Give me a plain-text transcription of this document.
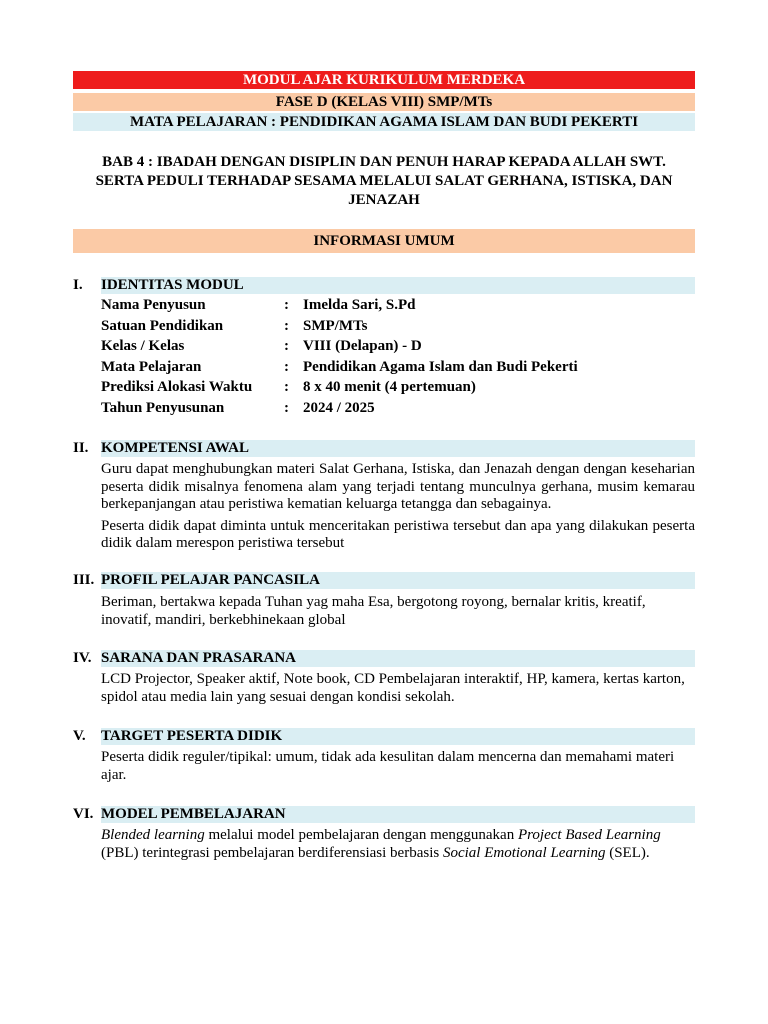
MODUL AJAR KURIKULUM MERDEKA
FASE D (KELAS VIII) SMP/MTs
MATA PELAJARAN : PENDIDIKAN AGAMA ISLAM DAN BUDI PEKERTI
BAB 4 : IBADAH DENGAN DISIPLIN DAN PENUH HARAP KEPADA ALLAH SWT.
SERTA PEDULI TERHADAP SESAMA MELALUI SALAT GERHANA, ISTISKA, DAN
JENAZAH
INFORMASI UMUM
I. IDENTITAS MODUL
Nama Penyusun	: Imelda Sari, S.Pd
Satuan Pendidikan	: SMP/MTs
Kelas / Kelas	: VIII (Delapan) - D
Mata Pelajaran	: Pendidikan Agama Islam dan Budi Pekerti
Prediksi Alokasi Waktu : 8 x 40 menit (4 pertemuan)
Tahun Penyusunan	: 2024 / 2025
II. KOMPETENSI AWAL

Guru dapat menghubungkan materi Salat Gerhana, Istiska, dan Jenazah dengan dengan keseharian peserta didik misalnya fenomena alam yang terjadi tentang munculnya gerhana, musim kemarau berkepanjangan atau peristiwa kematian keluarga tetangga dan sebagainya.

Peserta didik dapat diminta untuk menceritakan peristiwa tersebut dan apa yang dilakukan peserta didik dalam merespon peristiwa tersebut

III. PROFIL PELAJAR PANCASILA

Beriman, bertakwa kepada Tuhan yag maha Esa, bergotong royong, bernalar kritis, kreatif, inovatif, mandiri, berkebhinekaan global

IV. SARANA DAN PRASARANA

LCD Projector, Speaker aktif, Note book, CD Pembelajaran interaktif, HP, kamera, kertas karton, spidol atau media lain yang sesuai dengan kondisi sekolah.

V. TARGET PESERTA DIDIK

Peserta didik reguler/tipikal: umum, tidak ada kesulitan dalam mencerna dan memahami materi ajar.

VI. MODEL PEMBELAJARAN

Blended learning melalui model pembelajaran dengan menggunakan Project Based Learning (PBL) terintegrasi pembelajaran berdiferensiasi berbasis Social Emotional Learning (SEL).
